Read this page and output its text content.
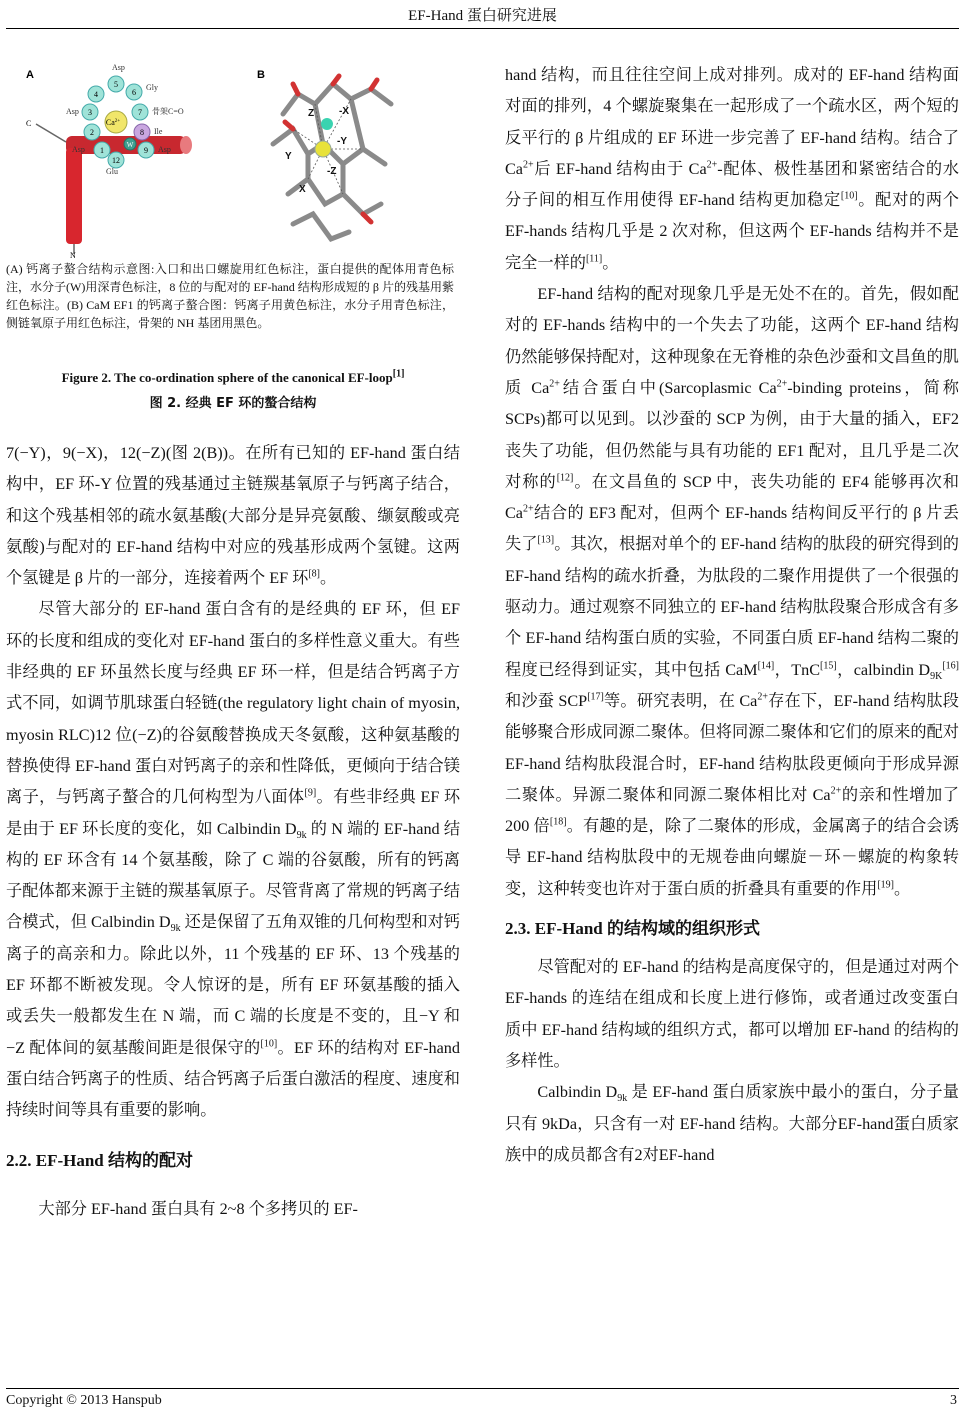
EF-Hand 蛋白研究进展
A
4
5
6
3	7
2	8
1	9
12
W
$Ca^{2+}$
Asp
Gly
骨架C=O
Ile
Asp
Glu
Asp
Asp
C
N
B
Z -X
-Y
Y
-Z
X
(A) 钙离子螯合结构示意图:入口和出口螺旋用红色标注，蛋白提供的配体用青色标注，水分子(W)用深青色标注，8 位的与配对的 EF-hand 结构形成短的 β 片的残基用紫红色标注。(B) CaM EF1 的钙离子螯合图：钙离子用黄色标注，水分子用青色标注，侧链氧原子用红色标注，骨架的 NH 基团用黑色。
Figure 2. The co-ordination sphere of the canonical EF-loop[1]
图 2. 经典 EF 环的螯合结构

7(−Y)，9(−X)，12(−Z)(图 2(B))。在所有已知的 EF-hand 蛋白结构中，EF 环-Y 位置的残基通过主链羰基氧原子与钙离子结合，和这个残基相邻的疏水氨基酸(大部分是异亮氨酸、缬氨酸或亮氨酸)与配对的 EF-hand 结构中对应的残基形成两个氢键。这两个氢键是 β 片的一部分，连接着两个 EF 环[8]。

尽管大部分的 EF-hand 蛋白含有的是经典的 EF 环，但 EF 环的长度和组成的变化对 EF-hand 蛋白的多样性意义重大。有些非经典的 EF 环虽然长度与经典 EF 环一样，但是结合钙离子方式不同，如调节肌球蛋白轻链(the regulatory light chain of myosin, myosin RLC)12 位(−Z)的谷氨酸替换成天冬氨酸，这种氨基酸的替换使得 EF-hand 蛋白对钙离子的亲和性降低，更倾向于结合镁离子，与钙离子螯合的几何构型为八面体[9]。有些非经典 EF 环是由于 EF 环长度的变化，如 Calbindin $D_{9k}$ 的 N 端的 EF-hand 结构的 EF 环含有 14 个氨基酸，除了 C 端的谷氨酸，所有的钙离子配体都来源于主链的羰基氧原子。尽管背离了常规的钙离子结合模式，但 Calbindin $D_{9k}$ 还是保留了五角双锥的几何构型和对钙离子的高亲和力。除此以外，11 个残基的 EF 环、13 个残基的 EF 环都不断被发现。令人惊讶的是，所有 EF 环氨基酸的插入或丢失一般都发生在 N 端，而 C 端的长度是不变的，且−Y 和−Z 配体间的氨基酸间距是很保守的[10]。EF 环的结构对 EF-hand 蛋白结合钙离子的性质、结合钙离子后蛋白激活的程度、速度和持续时间等具有重要的影响。

2.2. EF-Hand 结构的配对

大部分 EF-hand 蛋白具有 2~8 个多拷贝的 EF-

hand 结构，而且往往空间上成对排列。成对的 EF-hand 结构面对面的排列，4 个螺旋聚集在一起形成了一个疏水区，两个短的反平行的 β 片组成的 EF 环进一步完善了 EF-hand 结构。结合了 $Ca^{2+}$后 EF-hand 结构由于 $Ca^{2+}-$配体、极性基团和紧密结合的水分子间的相互作用使得 EF-hand 结构更加稳定[10]。配对的两个 EF-hands 结构几乎是 2 次对称，但这两个 EF-hands 结构并不是完全一样的[11]。

EF-hand 结构的配对现象几乎是无处不在的。首先，假如配对的 EF-hands 结构中的一个失去了功能，这两个 EF-hand 结构仍然能够保持配对，这种现象在无脊椎的杂色沙蚕和文昌鱼的肌质 $Ca^{2+}$结合蛋白中(Sarcoplasmic $Ca^{2+}$-binding proteins，简称 SCPs)都可以见到。以沙蚕的 SCP 为例，由于大量的插入，EF2 丧失了功能，但仍然能与具有功能的 EF1 配对，且几乎是二次对称的[12]。在文昌鱼的 SCP 中，丧失功能的 EF4 能够再次和 $Ca^{2+}$结合的 EF3 配对，但两个 EF-hands 结构间反平行的 β 片丢失了[13]。其次，根据对单个的 EF-hand 结构的肽段的研究得到的 EF-hand 结构的疏水折叠，为肽段的二聚作用提供了一个很强的驱动力。通过观察不同独立的 EF-hand 结构肽段聚合形成含有多个 EF-hand 结构蛋白质的实验，不同蛋白质 EF-hand 结构二聚的程度已经得到证实，其中包括 CaM[14]，TnC[15]，calbindin $D_{9K}[16]$和沙蚕 SCP[17]等。研究表明，在 $Ca^{2+}$存在下，EF-hand 结构肽段能够聚合形成同源二聚体。但将同源二聚体和它们的原来的配对 EF-hand 结构肽段混合时，EF-hand 结构肽段更倾向于形成异源二聚体。异源二聚体和同源二聚体相比对 $Ca^{2+}$的亲和性增加了 200 倍[18]。有趣的是，除了二聚体的形成，金属离子的结合会诱导 EF-hand 结构肽段中的无规卷曲向螺旋－环－螺旋的构象转变，这种转变也许对于蛋白质的折叠具有重要的作用[19]。

2.3. EF-Hand 的结构域的组织形式

尽管配对的 EF-hand 的结构是高度保守的，但是通过对两个 EF-hands 的连结在组成和长度上进行修饰，或者通过改变蛋白质中 EF-hand 结构域的组织方式，都可以增加 EF-hand 的结构的多样性。

Calbindin $D_{9k}$ 是 EF-hand 蛋白质家族中最小的蛋白，分子量只有 9kDa，只含有一对 EF-hand 结构。大部分EF-hand蛋白质家族中的成员都含有2对EF-hand

Copyright © 2013 Hanspub	3
